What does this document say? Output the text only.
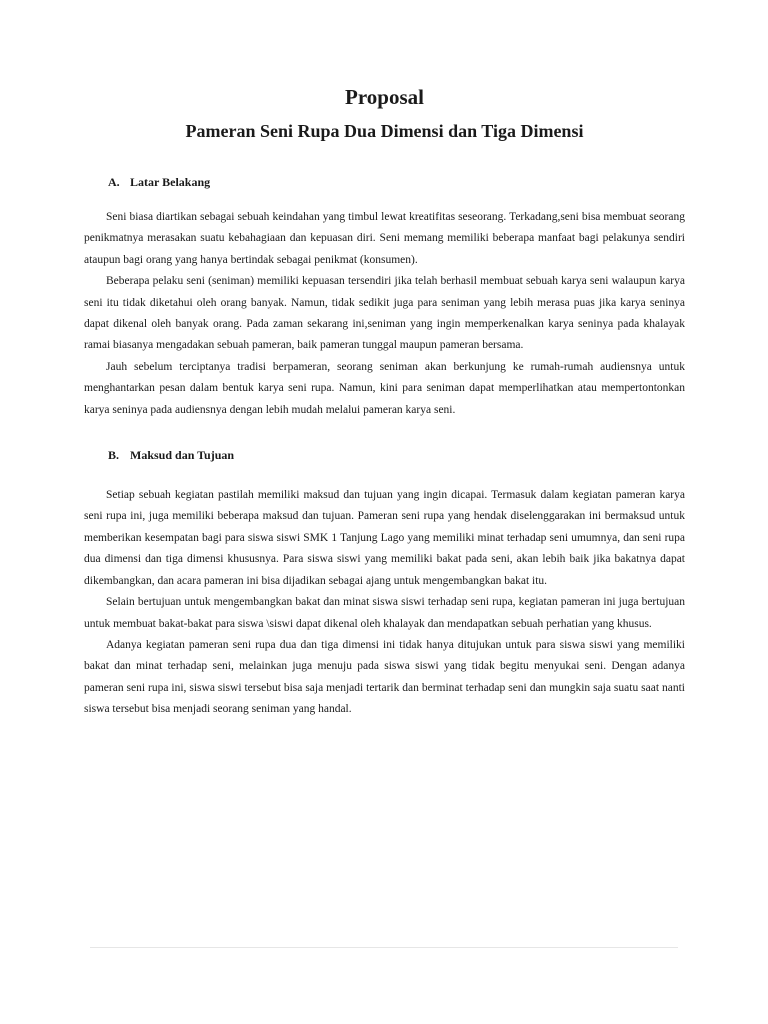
Proposal
Pameran Seni Rupa Dua Dimensi dan Tiga Dimensi
A. Latar Belakang

Seni biasa diartikan sebagai sebuah keindahan yang timbul lewat kreatifitas seseorang. Terkadang,seni bisa membuat seorang penikmatnya merasakan suatu kebahagiaan dan kepuasan diri. Seni memang memiliki beberapa manfaat bagi pelakunya sendiri ataupun bagi orang yang hanya bertindak sebagai penikmat (konsumen).

Beberapa pelaku seni (seniman) memiliki kepuasan tersendiri jika telah berhasil membuat sebuah karya seni walaupun karya seni itu tidak diketahui oleh orang banyak. Namun, tidak sedikit juga para seniman yang lebih merasa puas jika karya seninya dapat dikenal oleh banyak orang. Pada zaman sekarang ini,seniman yang ingin memperkenalkan karya seninya pada khalayak ramai biasanya mengadakan sebuah pameran, baik pameran tunggal maupun pameran bersama.

Jauh sebelum terciptanya tradisi berpameran, seorang seniman akan berkunjung ke rumah-rumah audiensnya untuk menghantarkan pesan dalam bentuk karya seni rupa. Namun, kini para seniman dapat memperlihatkan atau mempertontonkan karya seninya pada audiensnya dengan lebih mudah melalui pameran karya seni.

B. Maksud dan Tujuan

Setiap sebuah kegiatan pastilah memiliki maksud dan tujuan yang ingin dicapai. Termasuk dalam kegiatan pameran karya seni rupa ini, juga memiliki beberapa maksud dan tujuan. Pameran seni rupa yang hendak diselenggarakan ini bermaksud untuk memberikan kesempatan bagi para siswa siswi SMK 1 Tanjung Lago yang memiliki minat terhadap seni umumnya, dan seni rupa dua dimensi dan tiga dimensi khususnya. Para siswa siswi yang memiliki bakat pada seni, akan lebih baik jika bakatnya dapat dikembangkan, dan acara pameran ini bisa dijadikan sebagai ajang untuk mengembangkan bakat itu.

Selain bertujuan untuk mengembangkan bakat dan minat siswa siswi terhadap seni rupa, kegiatan pameran ini juga bertujuan untuk membuat bakat-bakat para siswa \siswi dapat dikenal oleh khalayak dan mendapatkan sebuah perhatian yang khusus.

Adanya kegiatan pameran seni rupa dua dan tiga dimensi ini tidak hanya ditujukan untuk para siswa siswi yang memiliki bakat dan minat terhadap seni, melainkan juga menuju pada siswa siswi yang tidak begitu menyukai seni. Dengan adanya pameran seni rupa ini, siswa siswi tersebut bisa saja menjadi tertarik dan berminat terhadap seni dan mungkin saja suatu saat nanti siswa tersebut bisa menjadi seorang seniman yang handal.
